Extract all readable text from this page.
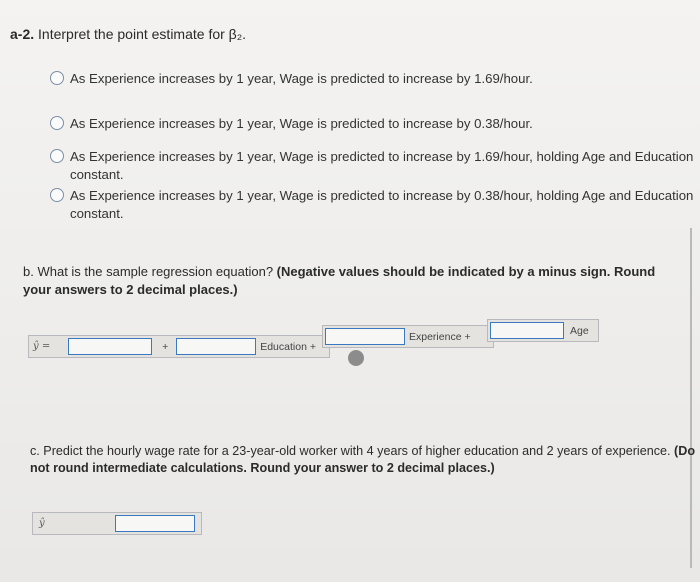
a-2. Interpret the point estimate for β₂.
As Experience increases by 1 year, Wage is predicted to increase by 1.69/hour.
As Experience increases by 1 year, Wage is predicted to increase by 0.38/hour.
As Experience increases by 1 year, Wage is predicted to increase by 1.69/hour, holding Age and Education constant.
As Experience increases by 1 year, Wage is predicted to increase by 0.38/hour, holding Age and Education constant.
b. What is the sample regression equation? (Negative values should be indicated by a minus sign. Round your answers to 2 decimal places.)
ŷ =	+	Education +
Experience +	Age
c. Predict the hourly wage rate for a 23-year-old worker with 4 years of higher education and 2 years of experience. (Do not round intermediate calculations. Round your answer to 2 decimal places.)
ŷ
